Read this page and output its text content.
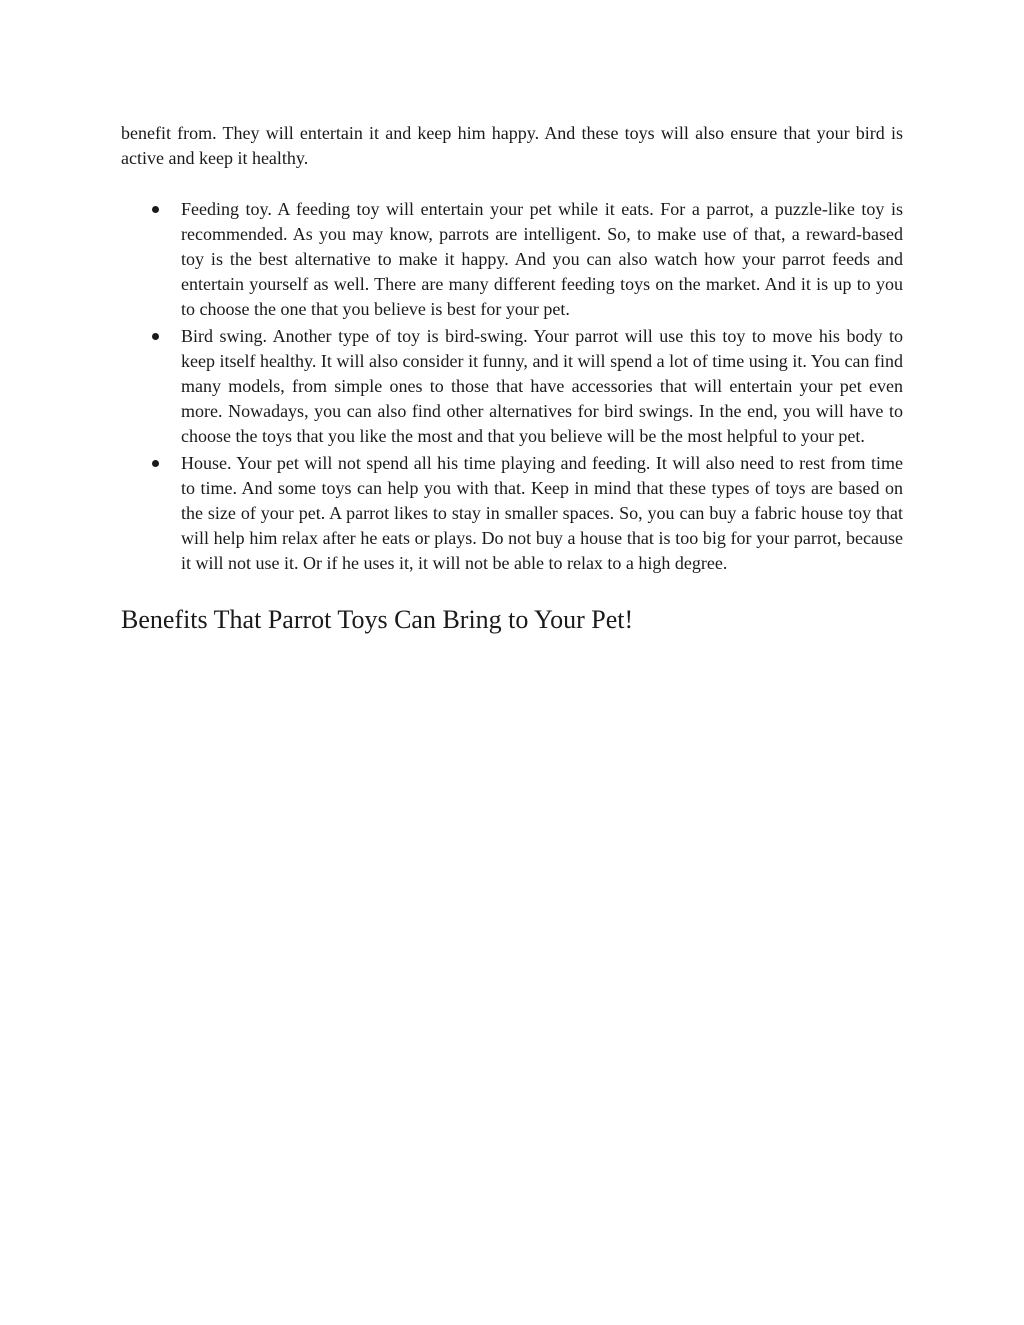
benefit from. They will entertain it and keep him happy. And these toys will also ensure that your bird is active and keep it healthy.

Feeding toy. A feeding toy will entertain your pet while it eats. For a parrot, a puzzle-like toy is recommended. As you may know, parrots are intelligent. So, to make use of that, a reward-based toy is the best alternative to make it happy. And you can also watch how your parrot feeds and entertain yourself as well. There are many different feeding toys on the market. And it is up to you to choose the one that you believe is best for your pet.
Bird swing. Another type of toy is bird-swing. Your parrot will use this toy to move his body to keep itself healthy. It will also consider it funny, and it will spend a lot of time using it. You can find many models, from simple ones to those that have accessories that will entertain your pet even more. Nowadays, you can also find other alternatives for bird swings. In the end, you will have to choose the toys that you like the most and that you believe will be the most helpful to your pet.
House. Your pet will not spend all his time playing and feeding. It will also need to rest from time to time. And some toys can help you with that. Keep in mind that these types of toys are based on the size of your pet. A parrot likes to stay in smaller spaces. So, you can buy a fabric house toy that will help him relax after he eats or plays. Do not buy a house that is too big for your parrot, because it will not use it. Or if he uses it, it will not be able to relax to a high degree.
Benefits That Parrot Toys Can Bring to Your Pet!
